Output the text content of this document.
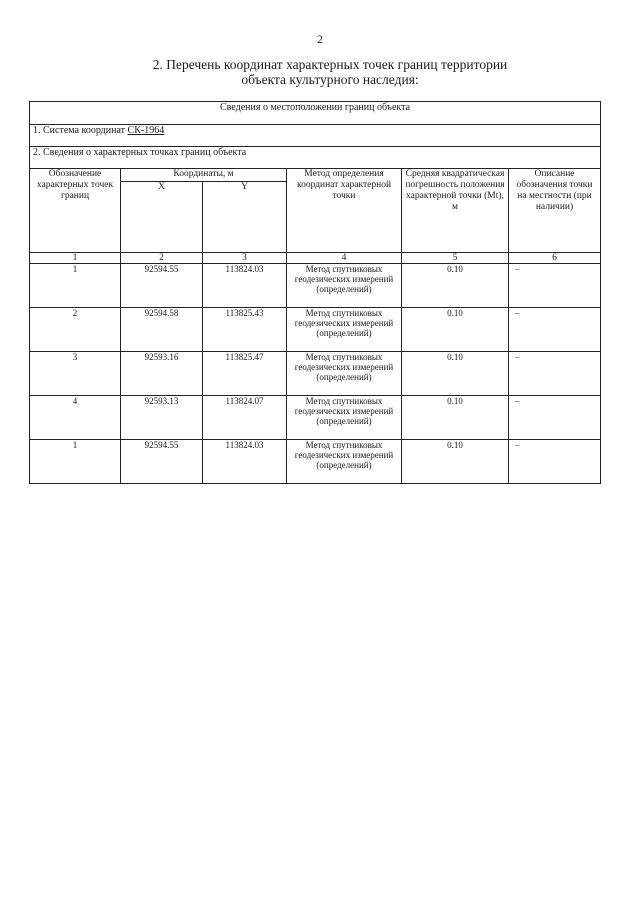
2
2. Перечень координат характерных точек границ территории
объекта культурного наследия:
Сведения о местоположении границ объекта					
1. Система координат СК-1964					
2. Сведения о характерных точках границ объекта					
Обозначение характерных точек границ	Координаты, м		Метод определения координат характерной точки	Средняя квадратическая погрешность положения характерной точки (Mt), м	Описание обозначения точки на местности (при наличии)
	X	Y			
1	2	3	4	5	6
1	92594.55	113824.03	Метод спутниковых геодезических измерений (определений)	0.10	–
2	92594.58	113825.43	Метод спутниковых геодезических измерений (определений)	0.10	–
3	92593.16	113825.47	Метод спутниковых геодезических измерений (определений)	0.10	–
4	92593.13	113824.07	Метод спутниковых геодезических измерений (определений)	0.10	–
1	92594.55	113824.03	Метод спутниковых геодезических измерений (определений)	0.10	–
